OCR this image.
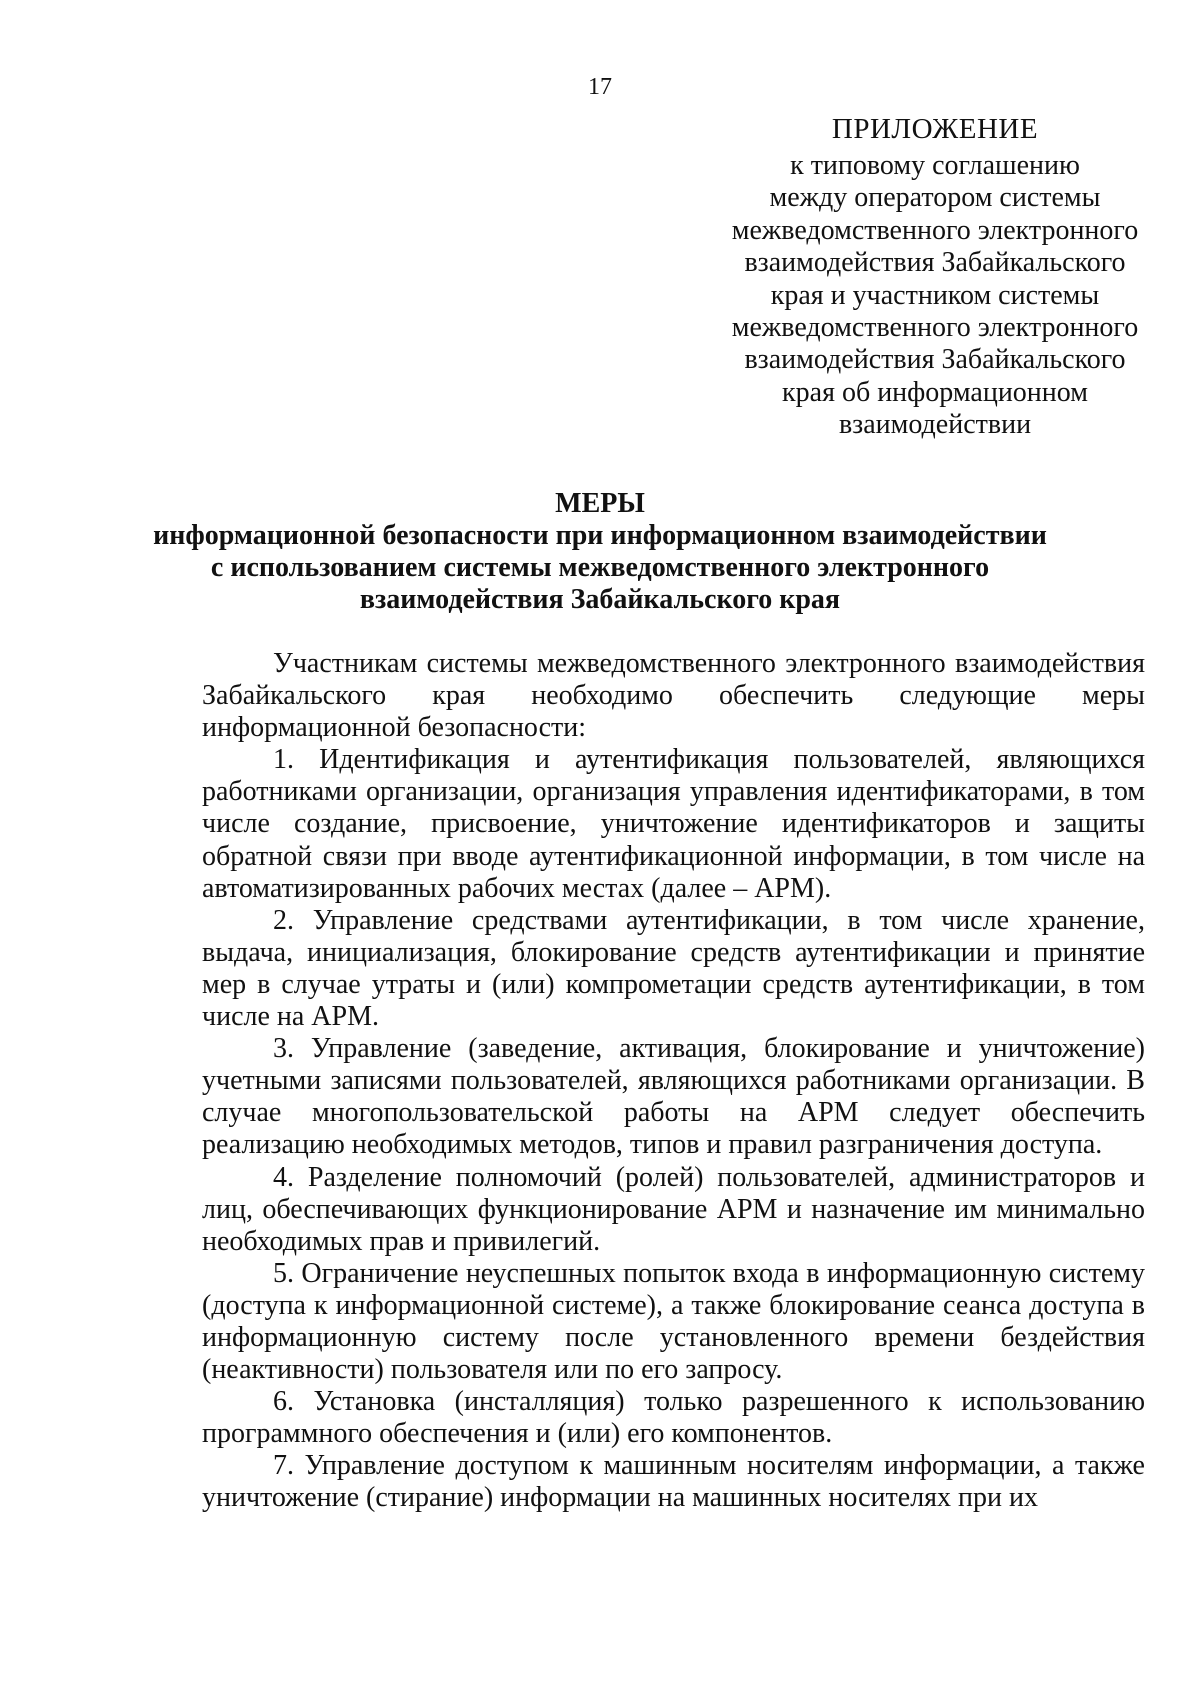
17
ПРИЛОЖЕНИЕ
к типовому соглашению
между оператором системы
межведомственного электронного
взаимодействия Забайкальского
края и участником системы
межведомственного электронного
взаимодействия Забайкальского
края об информационном
взаимодействии
МЕРЫ
информационной безопасности при информационном взаимодействии
с использованием системы межведомственного электронного
взаимодействия Забайкальского края

Участникам системы межведомственного электронного взаимодействия Забайкальского края необходимо обеспечить следующие меры информационной безопасности:

1. Идентификация и аутентификация пользователей, являющихся работниками организации, организация управления идентификаторами, в том числе создание, присвоение, уничтожение идентификаторов и защиты обратной связи при вводе аутентификационной информации, в том числе на автоматизированных рабочих местах (далее – АРМ).

2. Управление средствами аутентификации, в том числе хранение, выдача, инициализация, блокирование средств аутентификации и принятие мер в случае утраты и (или) компрометации средств аутентификации, в том числе на АРМ.

3. Управление (заведение, активация, блокирование и уничтожение) учетными записями пользователей, являющихся работниками организации. В случае многопользовательской работы на АРМ следует обеспечить реализацию необходимых методов, типов и правил разграничения доступа.

4. Разделение полномочий (ролей) пользователей, администраторов и лиц, обеспечивающих функционирование АРМ и назначение им минимально необходимых прав и привилегий.

5. Ограничение неуспешных попыток входа в информационную систему (доступа к информационной системе), а также блокирование сеанса доступа в информационную систему после установленного времени бездействия (неактивности) пользователя или по его запросу.

6. Установка (инсталляция) только разрешенного к использованию программного обеспечения и (или) его компонентов.

7. Управление доступом к машинным носителям информации, а также уничтожение (стирание) информации на машинных носителях при их
